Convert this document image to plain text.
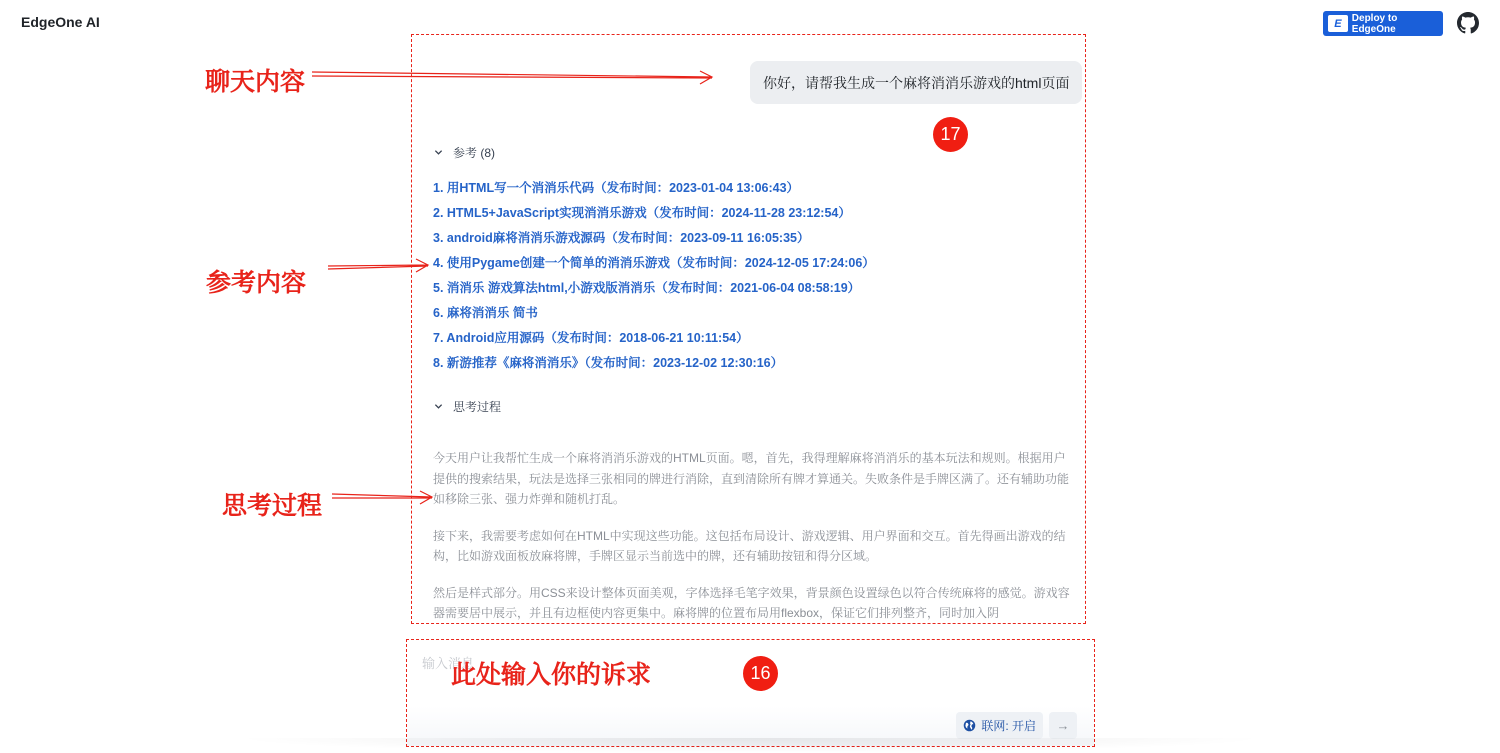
EdgeOne AI	E	Deploy to EdgeOne
你好，请帮我生成一个麻将消消乐游戏的html页面
参考 (8)
1. 用HTML写一个消消乐代码（发布时间：2023-01-04 13:06:43）
2. HTML5+JavaScript实现消消乐游戏（发布时间：2024-11-28 23:12:54）
3. android麻将消消乐游戏源码（发布时间：2023-09-11 16:05:35）
4. 使用Pygame创建一个简单的消消乐游戏（发布时间：2024-12-05 17:24:06）
5. 消消乐 游戏算法html,小游戏版消消乐（发布时间：2021-06-04 08:58:19）
6. 麻将消消乐 简书
7. Android应用源码（发布时间：2018-06-21 10:11:54）
8. 新游推荐《麻将消消乐》（发布时间：2023-12-02 12:30:16）
思考过程

今天用户让我帮忙生成一个麻将消消乐游戏的HTML页面。嗯，首先，我得理解麻将消消乐的基本玩法和规则。根据用户提供的搜索结果，玩法是选择三张相同的牌进行消除，直到清除所有牌才算通关。失败条件是手牌区满了。还有辅助功能如移除三张、强力炸弹和随机打乱。

接下来，我需要考虑如何在HTML中实现这些功能。这包括布局设计、游戏逻辑、用户界面和交互。首先得画出游戏的结构，比如游戏面板放麻将牌，手牌区显示当前选中的牌，还有辅助按钮和得分区域。

然后是样式部分。用CSS来设计整体页面美观，字体选择毛笔字效果，背景颜色设置绿色以符合传统麻将的感觉。游戏容器需要居中展示，并且有边框使内容更集中。麻将牌的位置布局用flexbox，保证它们排列整齐，同时加入阴

输入消息
联网: 开启	→
聊天内容
参考内容
思考过程
此处输入你的诉求
17
16
